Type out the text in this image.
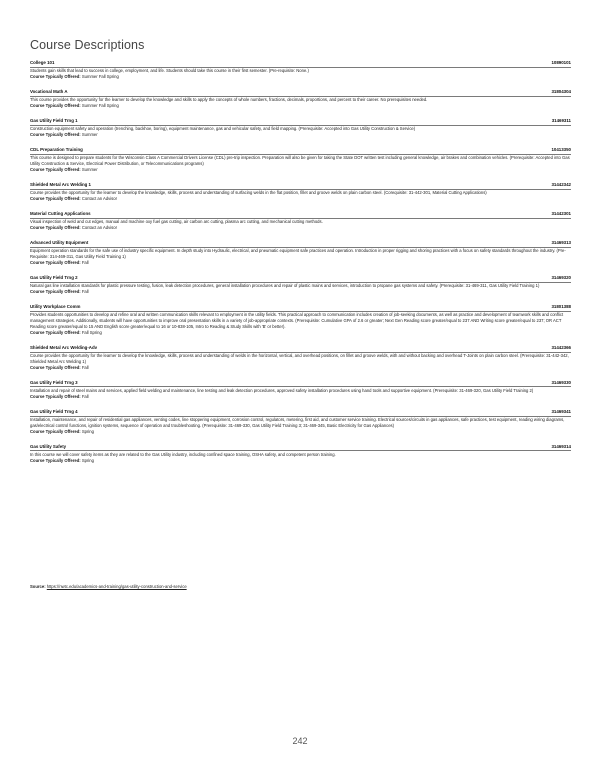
Course Descriptions
College 101	10890101
Students gain skills that lead to success in college, employment, and life. Students should take this course in their first semester. (Pre-requisite: None.)
Course Typically Offered: Summer Fall Spring
Vocational Math A	31804304
This course provides the opportunity for the learner to develop the knowledge and skills to apply the concepts of whole numbers, fractions, decimals, proportions, and percent to their career. No prerequisites needed.
Course Typically Offered: Summer Fall Spring
Gas Utility Field Trng 1	31469311
Construction equipment safety and operation (trenching, backhoe, boring), equipment maintenance, gas and vehicular safety, and field mapping. (Prerequisite: Accepted into Gas Utility Construction & Service)
Course Typically Offered: Summer
CDL Preparation Training	10413350
This course is designed to prepare students for the Wisconsin Class A Commercial Drivers License (CDL) pre-trip inspection. Preparation will also be given for taking the State DOT written test including general knowledge, air brakes and combination vehicles. (Prerequisite: Accepted into Gas Utility Construction & Service, Electrical Power Distribution, or Telecommunications programs)
Course Typically Offered: Summer
Shielded Metal Arc Welding 1	31442342
Course provides the opportunity for the learner to develop the knowledge, skills, process and understanding of surfacing welds in the flat position, fillet and groove welds on plain carbon steel. (Corequisite: 31-442-301, Material Cutting Applications)
Course Typically Offered: Contact an Advisor
Material Cutting Applications	31442301
Visual inspection of weld and cut edges, manual and machine oxy fuel gas cutting, air carbon arc cutting, plasma arc cutting, and mechanical cutting methods.
Course Typically Offered: Contact an Advisor
Advanced Utility Equipment	31469313
Equipment operation standards for the safe use of industry specific equipment. In depth study into Hydraulic, electrical, and pneumatic equipment safe practices and operation. Introduction in proper rigging and shoring practices with a focus on safety standards throughout the industry. (Pre-Requisite: 314-469-311, Gas Utility Field Training 1)
Course Typically Offered: Fall
Gas Utility Field Trng 2	31469320
Natural gas line installation standards for plastic pressure testing, fusion, leak detection procedures, general installation procedures and repair of plastic mains and services, introduction to propane gas systems and safety. (Prerequisite: 31-469-311, Gas Utility Field Training 1)
Course Typically Offered: Fall
Utility Workplace Comm	31801388
Provides students opportunities to develop and refine oral and written communication skills relevant to employment in the utility fields. This practical approach to communication includes creation of job-seeking documents, as well as practice and development of teamwork skills and conflict management strategies. Additionally, students will have opportunities to improve oral presentation skills in a variety of job-appropriate contexts. (Prerequisite: Cumulative GPA of 2.6 or greater; Next Gen Reading score greater/equal to 237 AND Writing score greater/equal to 237; OR ACT Reading score greater/equal to 15 AND English score greater/equal to 16 or 10-838-105, Intro to Reading & Study Skills with 'B' or better).
Course Typically Offered: Fall Spring
Shielded Metal Arc Welding-Adv	31442366
Course provides the opportunity for the learner to develop the knowledge, skills, process and understanding of welds in the horizontal, vertical, and overhead positions, on fillet and groove welds, with and without backing and overhead T-Joints on plain carbon steel. (Prerequisite: 31-442-342, Shielded Metal Arc Welding 1)
Course Typically Offered: Fall
Gas Utility Field Trng 3	31469330
Installation and repair of steel mains and services, applied field welding and maintenance, line testing and leak detection procedures, approved safety installation procedures using hand tools and supportive equipment. (Prerequisite: 31-469-320, Gas Utility Field Training 2)
Course Typically Offered: Fall
Gas Utility Field Trng 4	31469341
Installation, maintenance, and repair of residential gas appliances, venting codes, line stoppering equipment, corrosion control, regulators, metering, first aid, and customer service training. Electrical sources/circuits in gas appliances, safe practices, test equipment, reading wiring diagrams, gas/electrical control functions, ignition systems, sequence of operation and troubleshooting. (Prerequisite: 31-469-330, Gas Utility Field Training 3; 31-469-345, Basic Electricity for Gas Appliances)
Course Typically Offered: Spring
Gas Utility Safety	31469314
In this course we will cover safety items as they are related to the Gas Utility industry, including confined space training, OSHA safety, and competent person training.
Course Typically Offered: Spring
Source: https://nwtc.edu/academics-and-training/gas-utility-construction-and-service
242
